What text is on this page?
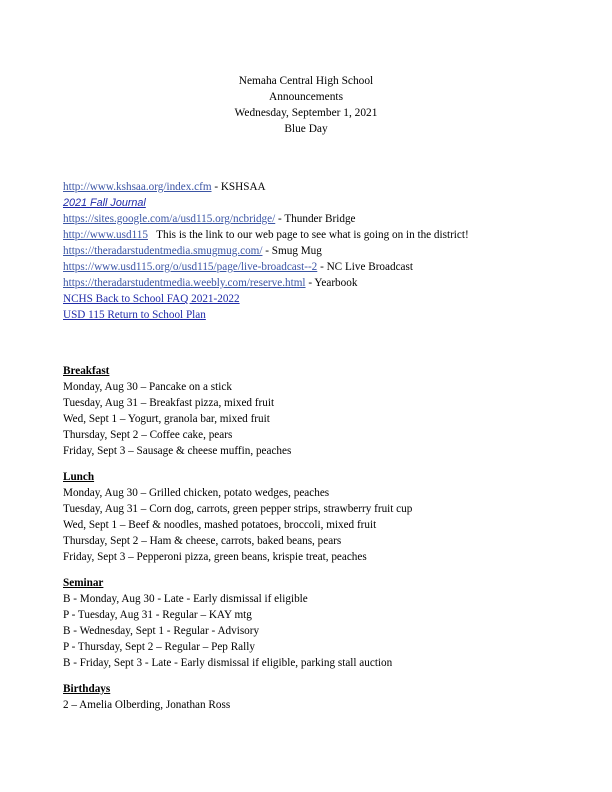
Nemaha Central High School
Announcements
Wednesday, September 1, 2021
Blue Day
http://www.kshsaa.org/index.cfm - KSHSAA
2021 Fall Journal
https://sites.google.com/a/usd115.org/ncbridge/ - Thunder Bridge
http://www.usd115   This is the link to our web page to see what is going on in the district!
https://theradarstudentmedia.smugmug.com/ - Smug Mug
https://www.usd115.org/o/usd115/page/live-broadcast--2 - NC Live Broadcast
https://theradarstudentmedia.weebly.com/reserve.html - Yearbook
NCHS Back to School FAQ 2021-2022
USD 115 Return to School Plan
Breakfast
Monday, Aug 30 – Pancake on a stick
Tuesday, Aug 31 – Breakfast pizza, mixed fruit
Wed, Sept 1 – Yogurt, granola bar, mixed fruit
Thursday, Sept 2 – Coffee cake, pears
Friday, Sept 3 – Sausage & cheese muffin, peaches
Lunch
Monday, Aug 30 – Grilled chicken, potato wedges, peaches
Tuesday, Aug 31 – Corn dog, carrots, green pepper strips, strawberry fruit cup
Wed, Sept 1 – Beef & noodles, mashed potatoes, broccoli, mixed fruit
Thursday, Sept 2 – Ham & cheese, carrots, baked beans, pears
Friday, Sept 3 – Pepperoni pizza, green beans, krispie treat, peaches
Seminar
B - Monday, Aug 30 - Late - Early dismissal if eligible
P - Tuesday, Aug 31 - Regular – KAY mtg
B - Wednesday, Sept 1 - Regular - Advisory
P - Thursday, Sept 2 – Regular – Pep Rally
B - Friday, Sept 3 - Late - Early dismissal if eligible, parking stall auction
Birthdays
2 – Amelia Olberding, Jonathan Ross
